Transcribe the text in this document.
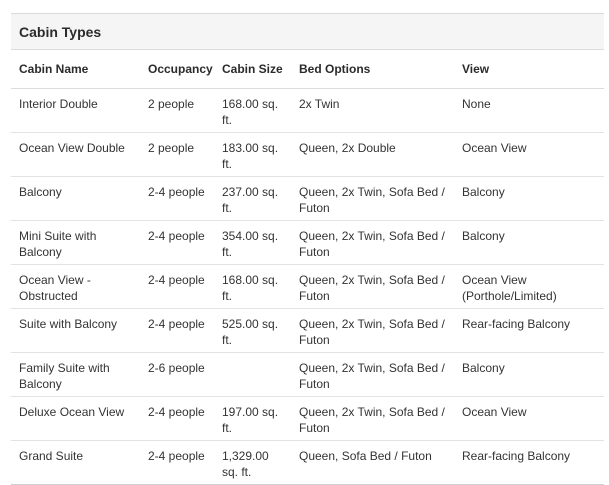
Cabin Types
Cabin Name	Occupancy	Cabin Size	Bed Options	View
Interior Double	2 people	168.00 sq. ft.	2x Twin	None
Ocean View Double	2 people	183.00 sq. ft.	Queen, 2x Double	Ocean View
Balcony	2-4 people	237.00 sq. ft.	Queen, 2x Twin, Sofa Bed / Futon	Balcony
Mini Suite with Balcony	2-4 people	354.00 sq. ft.	Queen, 2x Twin, Sofa Bed / Futon	Balcony
Ocean View - Obstructed	2-4 people	168.00 sq. ft.	Queen, 2x Twin, Sofa Bed / Futon	Ocean View (Porthole/Limited)
Suite with Balcony	2-4 people	525.00 sq. ft.	Queen, 2x Twin, Sofa Bed / Futon	Rear-facing Balcony
Family Suite with Balcony	2-6 people		Queen, 2x Twin, Sofa Bed / Futon	Balcony
Deluxe Ocean View	2-4 people	197.00 sq. ft.	Queen, 2x Twin, Sofa Bed / Futon	Ocean View
Grand Suite	2-4 people	1,329.00 sq. ft.	Queen, Sofa Bed / Futon	Rear-facing Balcony
